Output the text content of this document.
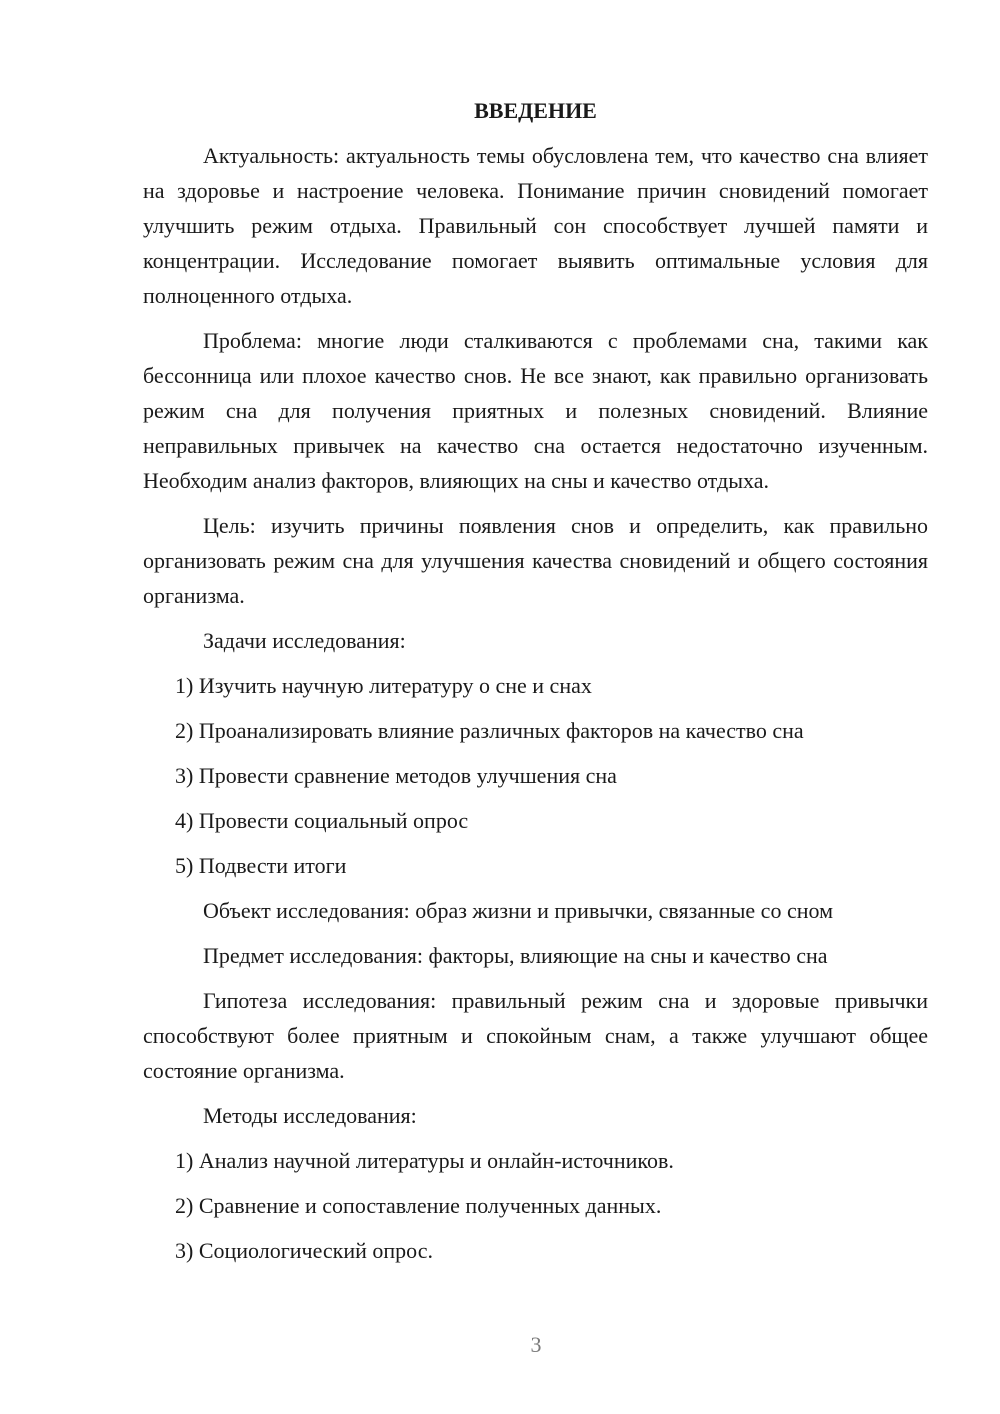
ВВЕДЕНИЕ

Актуальность: актуальность темы обусловлена тем, что качество сна влияет на здоровье и настроение человека. Понимание причин сновидений помогает улучшить режим отдыха. Правильный сон способствует лучшей памяти и концентрации. Исследование помогает выявить оптимальные условия для полноценного отдыха.

Проблема: многие люди сталкиваются с проблемами сна, такими как бессонница или плохое качество снов. Не все знают, как правильно организовать режим сна для получения приятных и полезных сновидений. Влияние неправильных привычек на качество сна остается недостаточно изученным. Необходим анализ факторов, влияющих на сны и качество отдыха.

Цель: изучить причины появления снов и определить, как правильно организовать режим сна для улучшения качества сновидений и общего состояния организма.

Задачи исследования:

1) Изучить научную литературу о сне и снах

2) Проанализировать влияние различных факторов на качество сна

3) Провести сравнение методов улучшения сна

4) Провести социальный опрос

5) Подвести итоги

Объект исследования: образ жизни и привычки, связанные со сном

Предмет исследования: факторы, влияющие на сны и качество сна

Гипотеза исследования: правильный режим сна и здоровые привычки способствуют более приятным и спокойным снам, а также улучшают общее состояние организма.

Методы исследования:

1) Анализ научной литературы и онлайн-источников.

2) Сравнение и сопоставление полученных данных.

3) Социологический опрос.

3
